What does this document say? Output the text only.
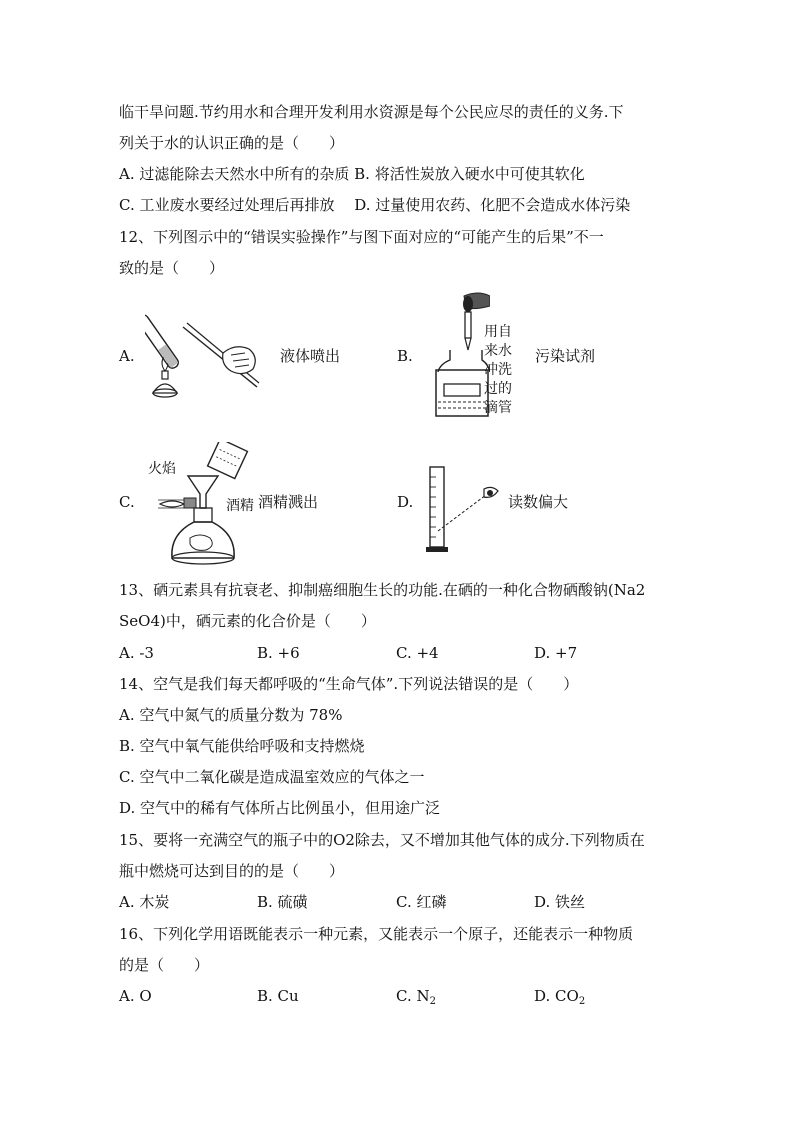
临干旱问题.节约用水和合理开发利用水资源是每个公民应尽的责任的义务.下
列关于水的认识正确的是（　　）
A. 过滤能除去天然水中所有的杂质 B. 将活性炭放入硬水中可使其软化
C. 工业废水要经过处理后再排放　 D. 过量使用农药、化肥不会造成水体污染
12、下列图示中的“错误实验操作”与图下面对应的“可能产生的后果”不一
致的是（　　）
A.	液体喷出	B.
用自
来水
冲洗
过的
滴管
污染试剂
C.
火焰
酒精 酒精溅出	D.	读数偏大
13、硒元素具有抗衰老、抑制癌细胞生长的功能.在硒的一种化合物硒酸钠(Na2
SeO4)中，硒元素的化合价是（　　）
A. -3	B. +6	C. +4	D. +7
14、空气是我们每天都呼吸的“生命气体”.下列说法错误的是（　　）
A. 空气中氮气的质量分数为 78%
B. 空气中氧气能供给呼吸和支持燃烧
C. 空气中二氧化碳是造成温室效应的气体之一
D. 空气中的稀有气体所占比例虽小，但用途广泛
15、要将一充满空气的瓶子中的O2除去，又不增加其他气体的成分.下列物质在
瓶中燃烧可达到目的的是（　　）
A. 木炭	B. 硫磺	C. 红磷	D. 铁丝
16、下列化学用语既能表示一种元素，又能表示一个原子，还能表示一种物质
的是（　　）
A. O	B. Cu	C. $N_2$	D. $CO_2$
